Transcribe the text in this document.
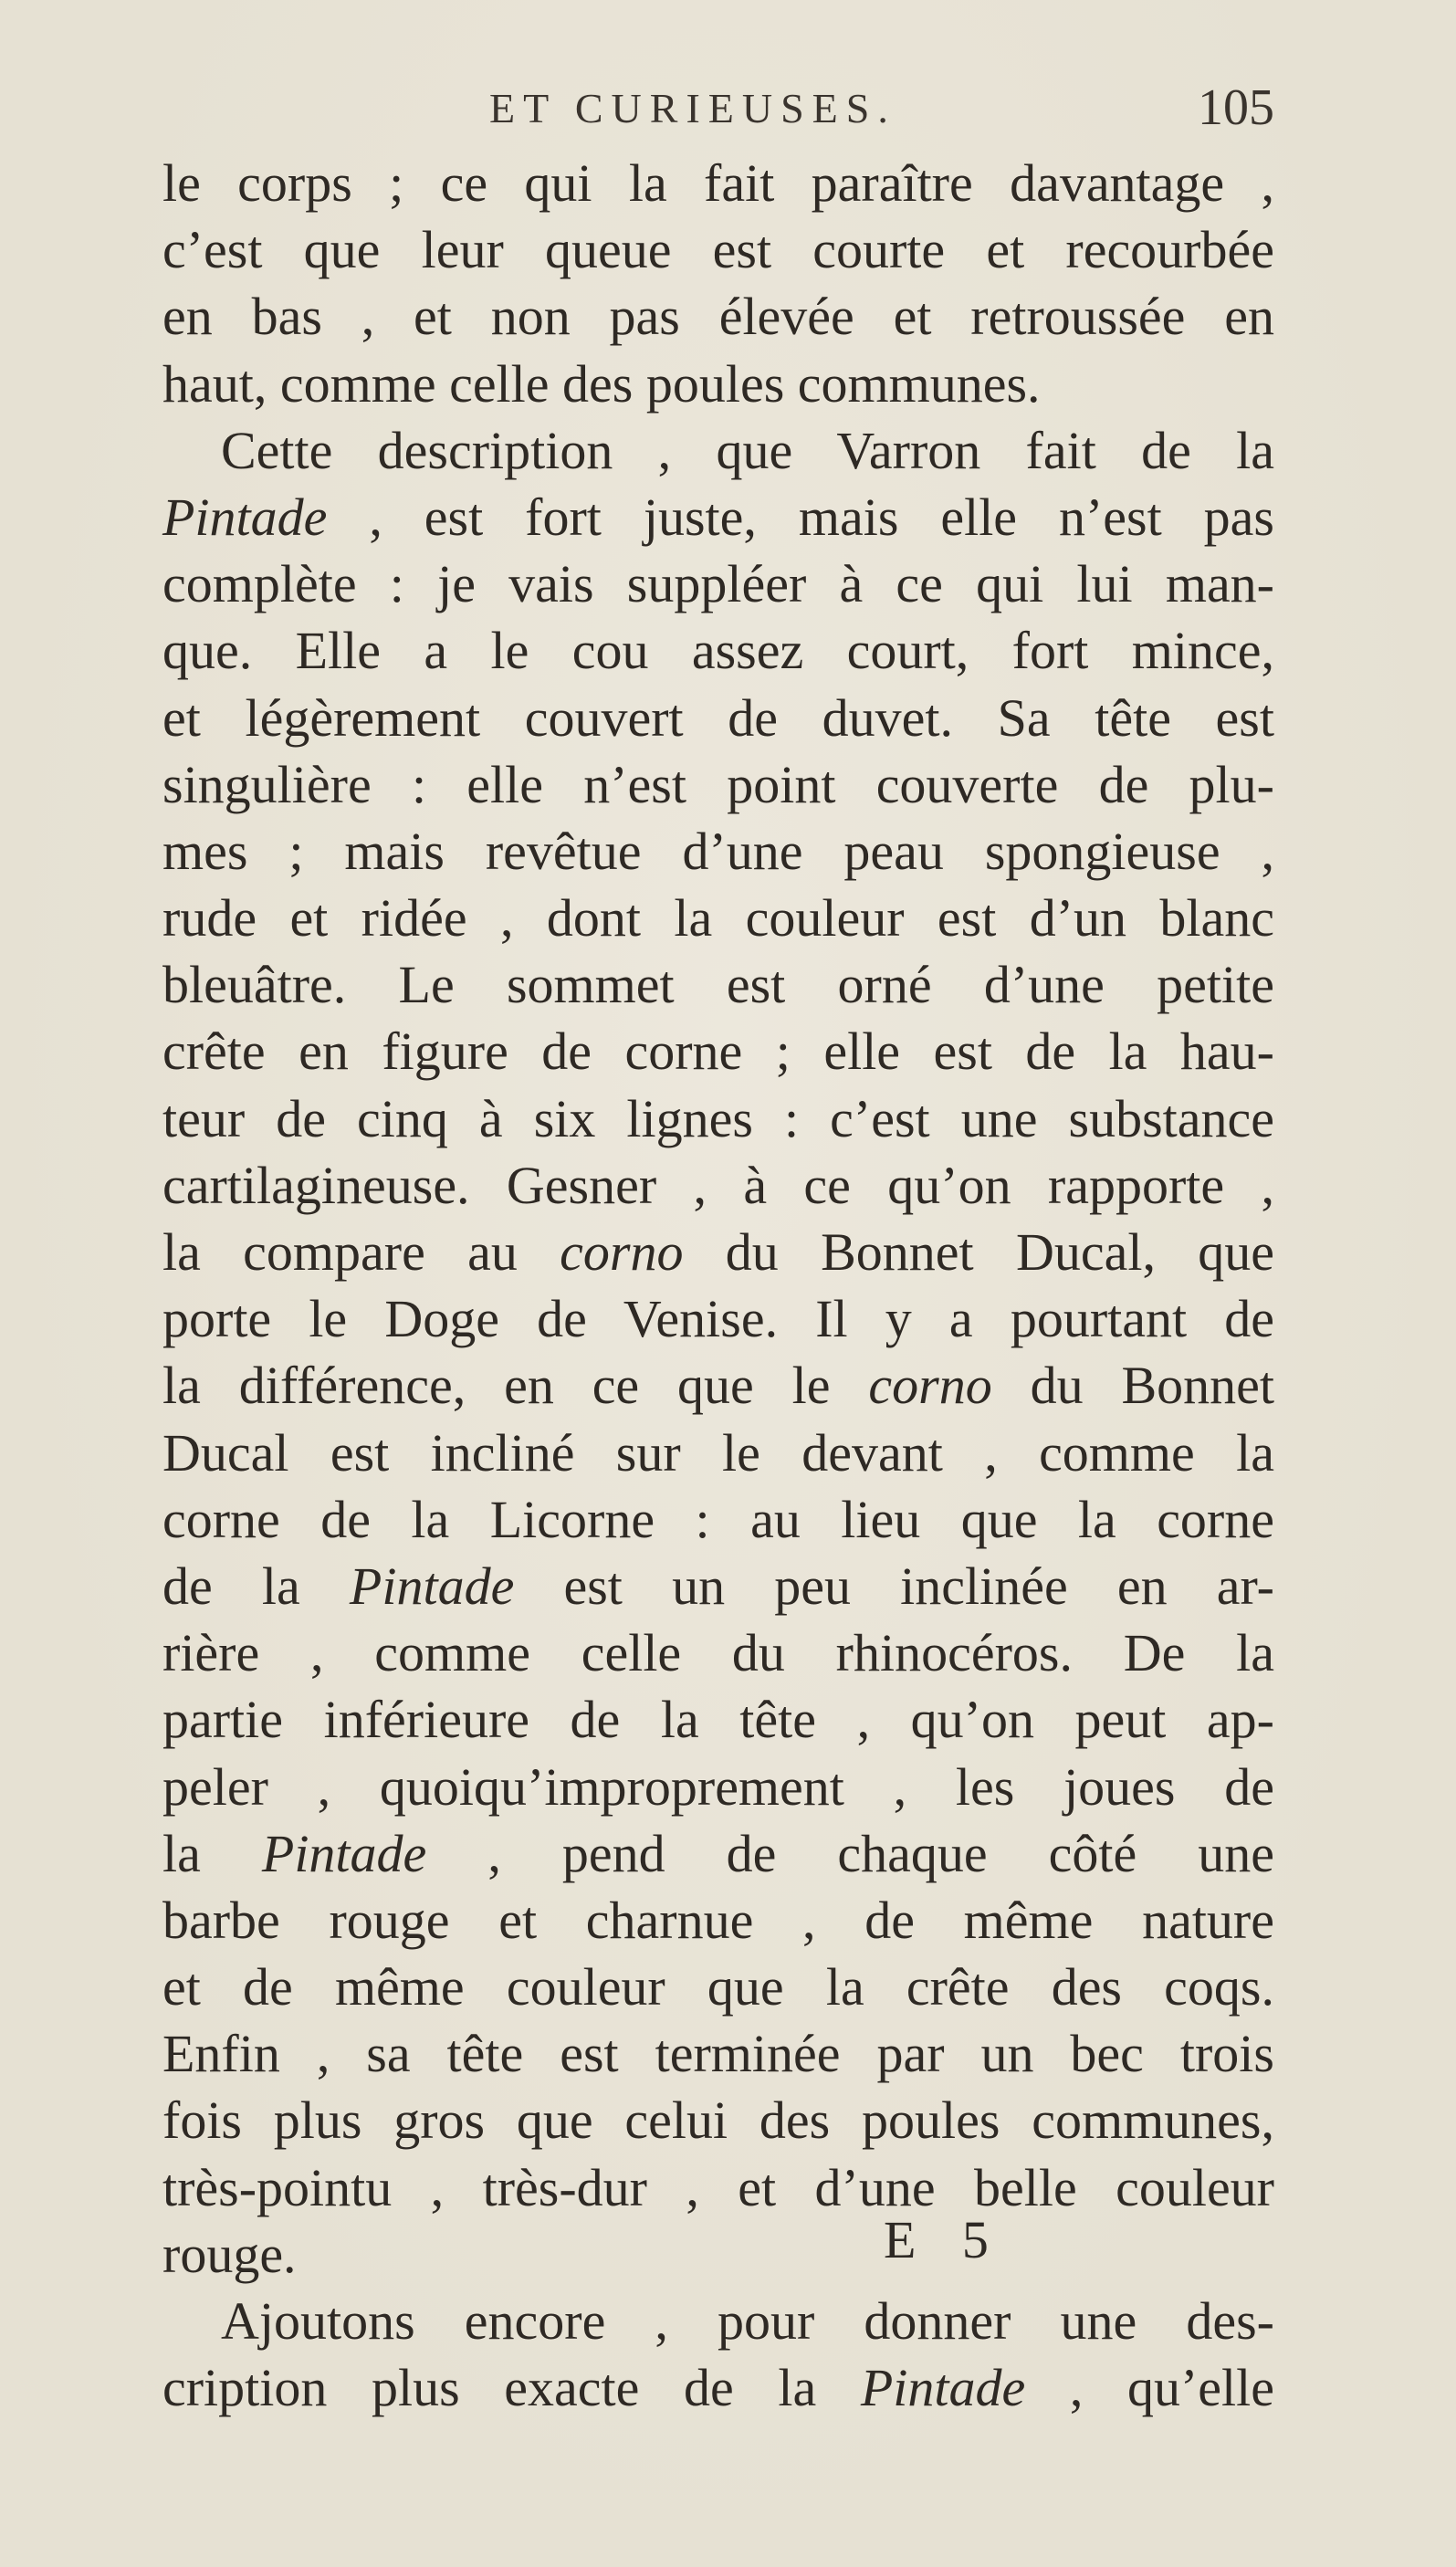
ET CURIEUSES.	105
le corps ; ce qui la fait paraître davantage ,
c’est que leur queue est courte et recourbée
en bas , et non pas élevée et retroussée en
haut, comme celle des poules communes.
Cette description , que Varron fait de la
Pintade , est fort juste, mais elle n’est pas
complète : je vais suppléer à ce qui lui man-
que. Elle a le cou assez court, fort mince,
et légèrement couvert de duvet. Sa tête est
singulière : elle n’est point couverte de plu-
mes ; mais revêtue d’une peau spongieuse ,
rude et ridée , dont la couleur est d’un blanc
bleuâtre. Le sommet est orné d’une petite
crête en figure de corne ; elle est de la hau-
teur de cinq à six lignes : c’est une substance
cartilagineuse. Gesner , à ce qu’on rapporte ,
la compare au corno du Bonnet Ducal, que
porte le Doge de Venise. Il y a pourtant de
la différence, en ce que le corno du Bonnet
Ducal est incliné sur le devant , comme la
corne de la Licorne : au lieu que la corne
de la Pintade est un peu inclinée en ar-
rière , comme celle du rhinocéros. De la
partie inférieure de la tête , qu’on peut ap-
peler , quoiqu’improprement , les joues de
la Pintade , pend de chaque côté une
barbe rouge et charnue , de même nature
et de même couleur que la crête des coqs.
Enfin , sa tête est terminée par un bec trois
fois plus gros que celui des poules communes,
très-pointu , très-dur , et d’une belle couleur
rouge.
Ajoutons encore , pour donner une des-
cription plus exacte de la Pintade , qu’elle
E 5
